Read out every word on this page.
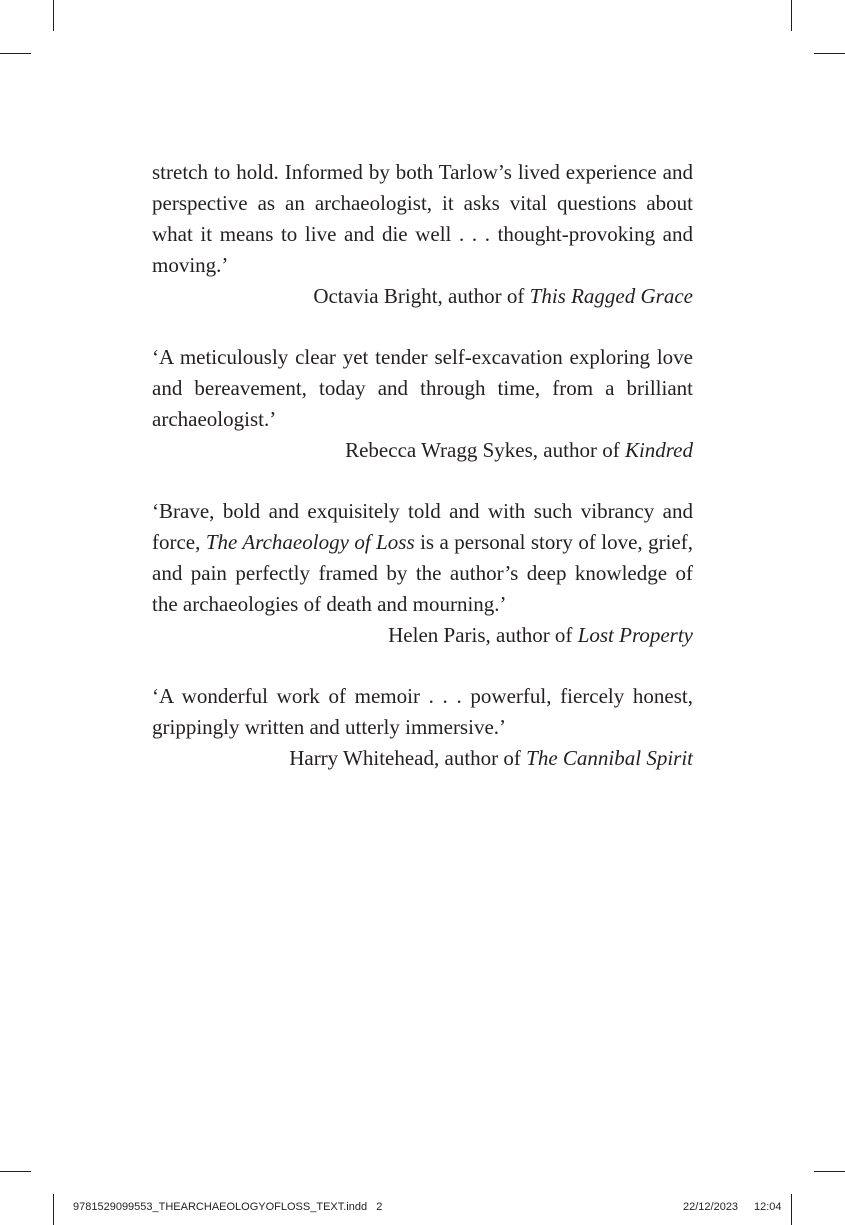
stretch to hold. Informed by both Tarlow’s lived experience and perspective as an archaeologist, it asks vital questions about what it means to live and die well . . . thought-provoking and moving.’

Octavia Bright, author of This Ragged Grace

‘A meticulously clear yet tender self-excavation exploring love and bereavement, today and through time, from a brilliant archaeologist.’

Rebecca Wragg Sykes, author of Kindred

‘Brave, bold and exquisitely told and with such vibrancy and force, The Archaeology of Loss is a personal story of love, grief, and pain perfectly framed by the author’s deep knowledge of the archaeologies of death and mourning.’

Helen Paris, author of Lost Property

‘A wonderful work of memoir . . . powerful, fiercely honest, grippingly written and utterly immersive.’

Harry Whitehead, author of The Cannibal Spirit

9781529099553_THEARCHAEOLOGYOFLOSS_TEXT.indd   2	22/12/2023 12:04
